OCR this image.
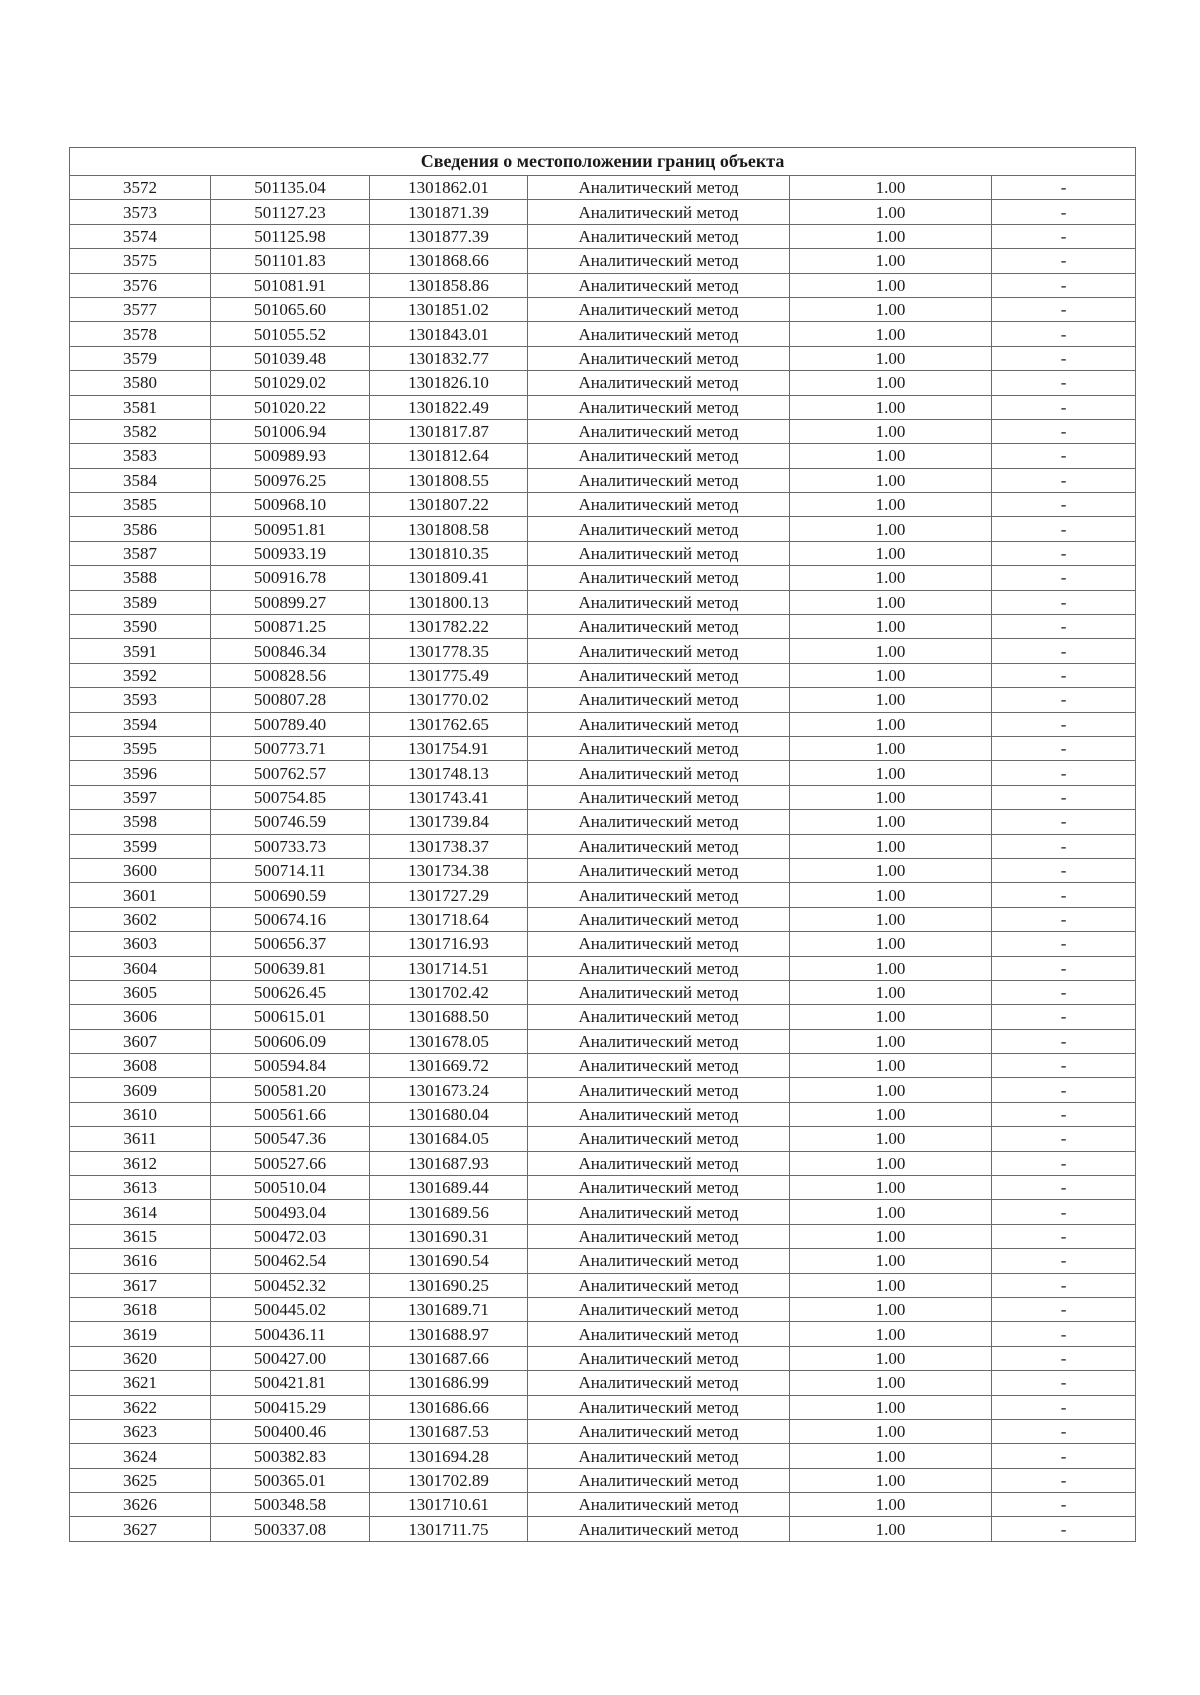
Сведения о местоположении границ объекта					
3572	501135.04	1301862.01	Аналитический метод	1.00	-
3573	501127.23	1301871.39	Аналитический метод	1.00	-
3574	501125.98	1301877.39	Аналитический метод	1.00	-
3575	501101.83	1301868.66	Аналитический метод	1.00	-
3576	501081.91	1301858.86	Аналитический метод	1.00	-
3577	501065.60	1301851.02	Аналитический метод	1.00	-
3578	501055.52	1301843.01	Аналитический метод	1.00	-
3579	501039.48	1301832.77	Аналитический метод	1.00	-
3580	501029.02	1301826.10	Аналитический метод	1.00	-
3581	501020.22	1301822.49	Аналитический метод	1.00	-
3582	501006.94	1301817.87	Аналитический метод	1.00	-
3583	500989.93	1301812.64	Аналитический метод	1.00	-
3584	500976.25	1301808.55	Аналитический метод	1.00	-
3585	500968.10	1301807.22	Аналитический метод	1.00	-
3586	500951.81	1301808.58	Аналитический метод	1.00	-
3587	500933.19	1301810.35	Аналитический метод	1.00	-
3588	500916.78	1301809.41	Аналитический метод	1.00	-
3589	500899.27	1301800.13	Аналитический метод	1.00	-
3590	500871.25	1301782.22	Аналитический метод	1.00	-
3591	500846.34	1301778.35	Аналитический метод	1.00	-
3592	500828.56	1301775.49	Аналитический метод	1.00	-
3593	500807.28	1301770.02	Аналитический метод	1.00	-
3594	500789.40	1301762.65	Аналитический метод	1.00	-
3595	500773.71	1301754.91	Аналитический метод	1.00	-
3596	500762.57	1301748.13	Аналитический метод	1.00	-
3597	500754.85	1301743.41	Аналитический метод	1.00	-
3598	500746.59	1301739.84	Аналитический метод	1.00	-
3599	500733.73	1301738.37	Аналитический метод	1.00	-
3600	500714.11	1301734.38	Аналитический метод	1.00	-
3601	500690.59	1301727.29	Аналитический метод	1.00	-
3602	500674.16	1301718.64	Аналитический метод	1.00	-
3603	500656.37	1301716.93	Аналитический метод	1.00	-
3604	500639.81	1301714.51	Аналитический метод	1.00	-
3605	500626.45	1301702.42	Аналитический метод	1.00	-
3606	500615.01	1301688.50	Аналитический метод	1.00	-
3607	500606.09	1301678.05	Аналитический метод	1.00	-
3608	500594.84	1301669.72	Аналитический метод	1.00	-
3609	500581.20	1301673.24	Аналитический метод	1.00	-
3610	500561.66	1301680.04	Аналитический метод	1.00	-
3611	500547.36	1301684.05	Аналитический метод	1.00	-
3612	500527.66	1301687.93	Аналитический метод	1.00	-
3613	500510.04	1301689.44	Аналитический метод	1.00	-
3614	500493.04	1301689.56	Аналитический метод	1.00	-
3615	500472.03	1301690.31	Аналитический метод	1.00	-
3616	500462.54	1301690.54	Аналитический метод	1.00	-
3617	500452.32	1301690.25	Аналитический метод	1.00	-
3618	500445.02	1301689.71	Аналитический метод	1.00	-
3619	500436.11	1301688.97	Аналитический метод	1.00	-
3620	500427.00	1301687.66	Аналитический метод	1.00	-
3621	500421.81	1301686.99	Аналитический метод	1.00	-
3622	500415.29	1301686.66	Аналитический метод	1.00	-
3623	500400.46	1301687.53	Аналитический метод	1.00	-
3624	500382.83	1301694.28	Аналитический метод	1.00	-
3625	500365.01	1301702.89	Аналитический метод	1.00	-
3626	500348.58	1301710.61	Аналитический метод	1.00	-
3627	500337.08	1301711.75	Аналитический метод	1.00	-
